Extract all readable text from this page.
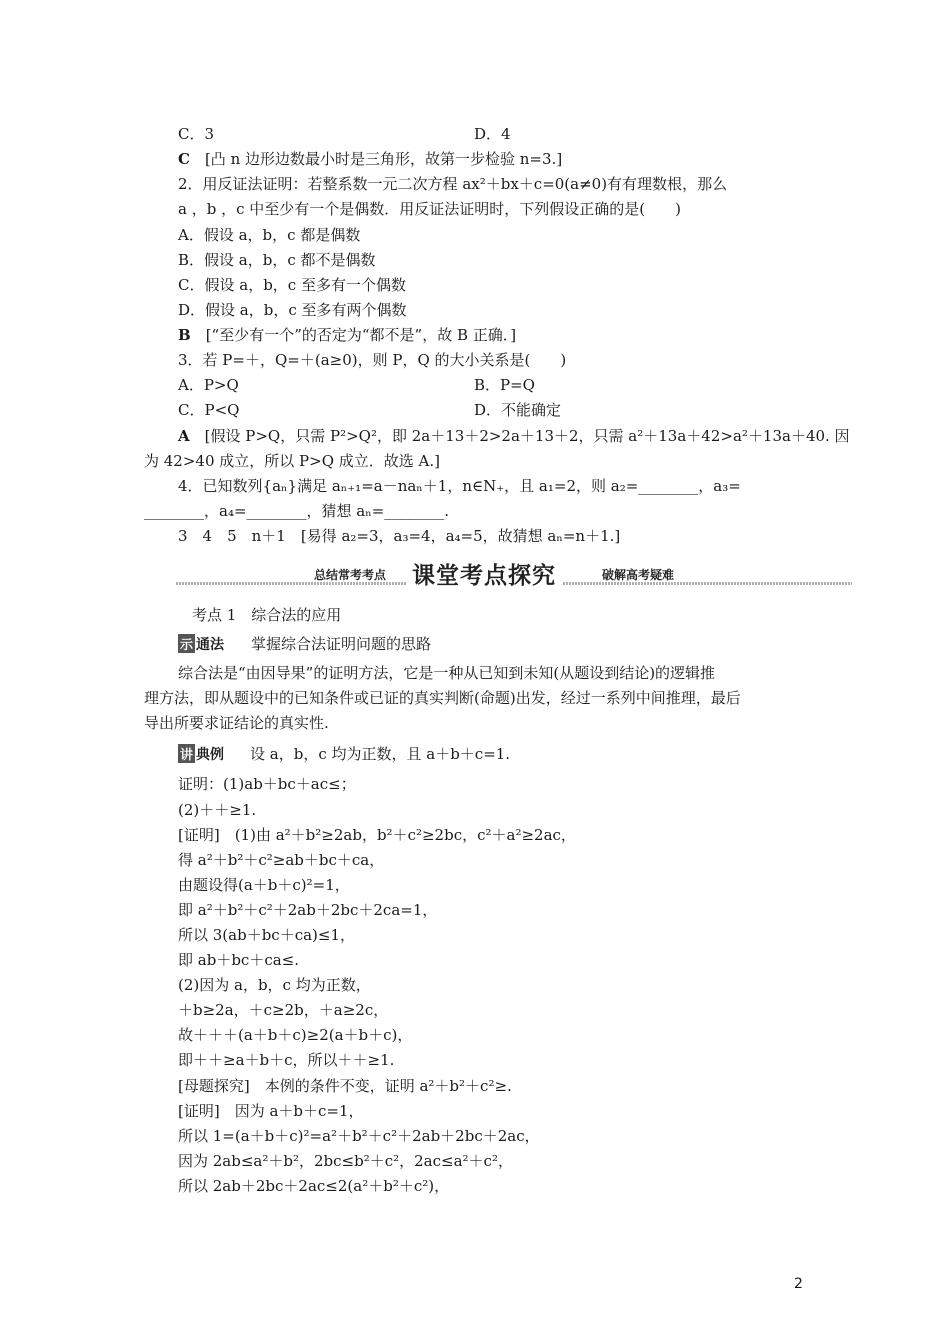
C．3	D．4
C　[凸 n 边形边数最小时是三角形，故第一步检验 n=3.]
2．用反证法证明：若整系数一元二次方程 ax²＋bx＋c=0(a≠0)有有理数根，那么
a ，b ，c 中至少有一个是偶数．用反证法证明时，下列假设正确的是(　　)
A．假设 a，b，c 都是偶数
B．假设 a，b，c 都不是偶数
C．假设 a，b，c 至多有一个偶数
D．假设 a，b，c 至多有两个偶数
B　[“至少有一个”的否定为“都不是”，故 B 正确．]
3．若 P=＋，Q=＋(a≥0)，则 P，Q 的大小关系是(　　)
A．P>Q	B．P=Q
C．P<Q	D．不能确定
A　[假设 P>Q，只需 P²>Q²，即 2a＋13＋2>2a＋13＋2，只需 a²＋13a＋42>a²＋13a＋40. 因
为 42>40 成立，所以 P>Q 成立．故选 A.]
4．已知数列{aₙ}满足 aₙ₊₁=a－naₙ＋1，n∈N₊，且 a₁=2，则 a₂=________，a₃=
________，a₄=________，猜想 aₙ=________.
3　4　5　n＋1　[易得 a₂=3，a₃=4，a₄=5，故猜想 aₙ=n＋1.]
考点 1　综合法的应用
掌握综合法证明问题的思路
综合法是“由因导果”的证明方法，它是一种从已知到未知(从题设到结论)的逻辑推
理方法，即从题设中的已知条件或已证的真实判断(命题)出发，经过一系列中间推理，最后
导出所要求证结论的真实性.
设 a，b，c 均为正数，且 a＋b＋c=1.
证明：(1)ab＋bc＋ac≤；
(2)＋＋≥1.
[证明]　(1)由 a²＋b²≥2ab，b²＋c²≥2bc，c²＋a²≥2ac，
得 a²＋b²＋c²≥ab＋bc＋ca，
由题设得(a＋b＋c)²=1，
即 a²＋b²＋c²＋2ab＋2bc＋2ca=1，
所以 3(ab＋bc＋ca)≤1，
即 ab＋bc＋ca≤.
(2)因为 a，b，c 均为正数，
＋b≥2a，＋c≥2b，＋a≥2c，
故＋＋＋(a＋b＋c)≥2(a＋b＋c)，
即＋＋≥a＋b＋c，所以＋＋≥1.
[母题探究]　本例的条件不变，证明 a²＋b²＋c²≥.
[证明]　因为 a＋b＋c=1，
所以 1=(a＋b＋c)²=a²＋b²＋c²＋2ab＋2bc＋2ac，
因为 2ab≤a²＋b²，2bc≤b²＋c²，2ac≤a²＋c²，
所以 2ab＋2bc＋2ac≤2(a²＋b²＋c²)，
总结常考考点 课堂考点探究	破解高考疑难
示 通法
讲 典例
2
